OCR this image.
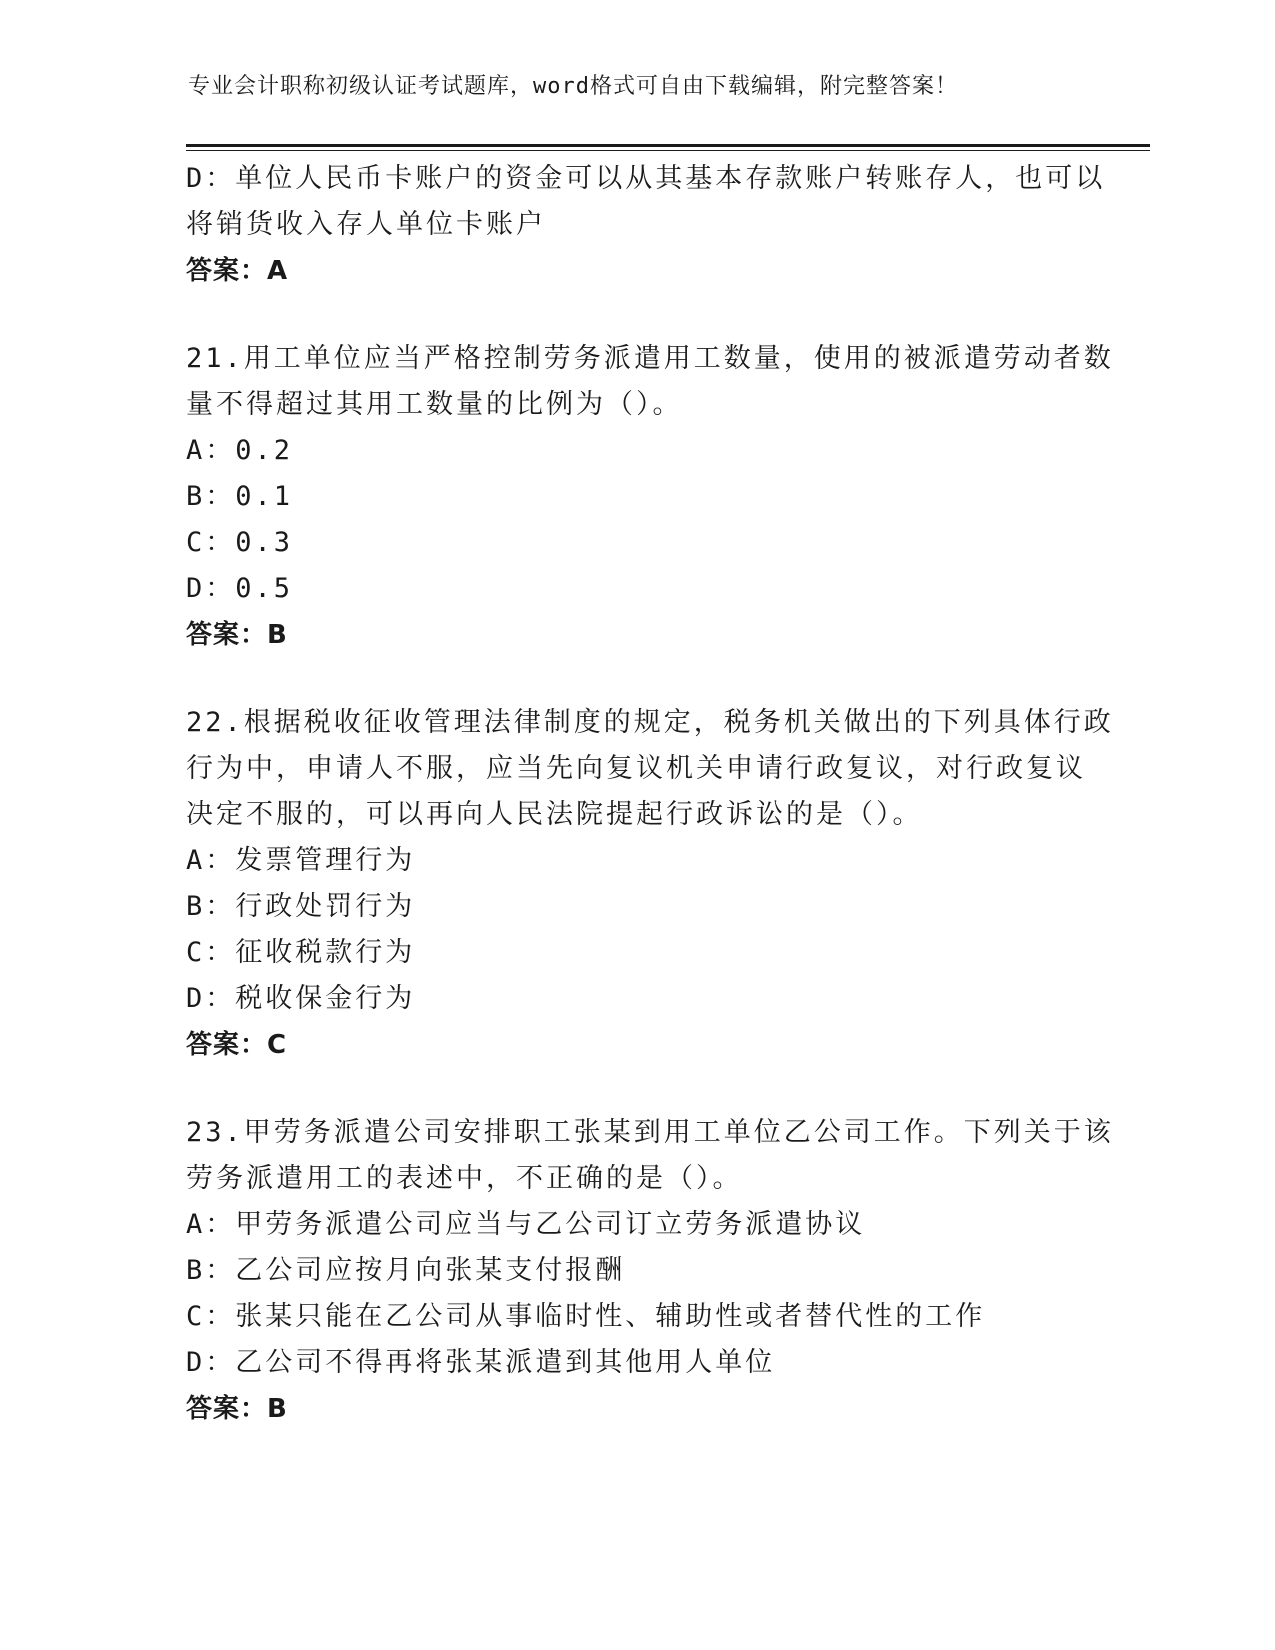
专业会计职称初级认证考试题库，word格式可自由下载编辑，附完整答案！
D：单位人民币卡账户的资金可以从其基本存款账户转账存人，也可以
将销货收入存人单位卡账户
答案：A
21.用工单位应当严格控制劳务派遣用工数量，使用的被派遣劳动者数
量不得超过其用工数量的比例为（）。
A：0.2
B：0.1
C：0.3
D：0.5
答案：B
22.根据税收征收管理法律制度的规定，税务机关做出的下列具体行政
行为中，申请人不服，应当先向复议机关申请行政复议，对行政复议
决定不服的，可以再向人民法院提起行政诉讼的是（）。
A：发票管理行为
B：行政处罚行为
C：征收税款行为
D：税收保金行为
答案：C
23.甲劳务派遣公司安排职工张某到用工单位乙公司工作。下列关于该
劳务派遣用工的表述中，不正确的是（）。
A：甲劳务派遣公司应当与乙公司订立劳务派遣协议
B：乙公司应按月向张某支付报酬
C：张某只能在乙公司从事临时性、辅助性或者替代性的工作
D：乙公司不得再将张某派遣到其他用人单位
答案：B
